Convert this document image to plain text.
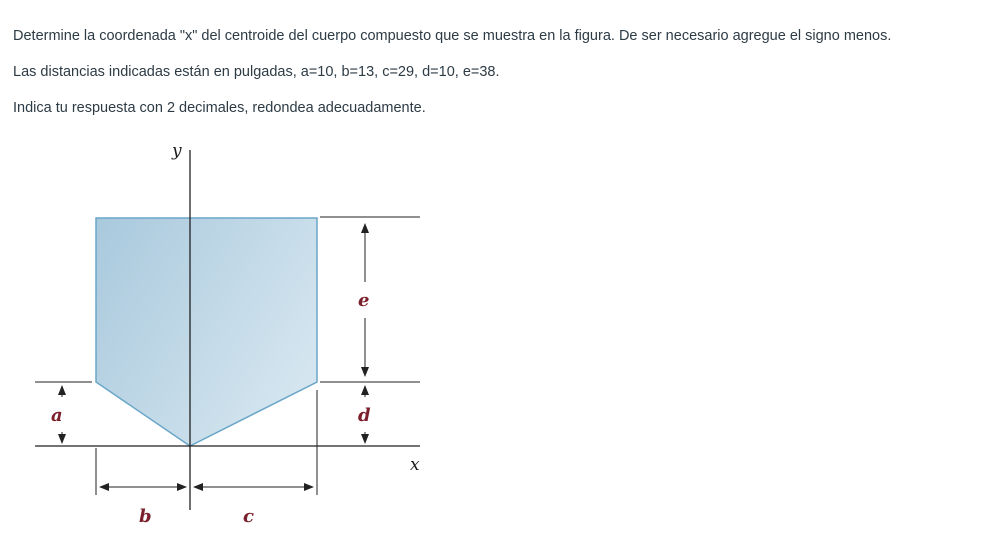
Determine la coordenada "x" del centroide del cuerpo compuesto que se muestra en la figura. De ser necesario agregue el signo menos.

Las distancias indicadas están en pulgadas, a=10, b=13, c=29, d=10, e=38.

Indica tu respuesta con 2 decimales, redondea adecuadamente.

y
x
e
d
a
b	c
